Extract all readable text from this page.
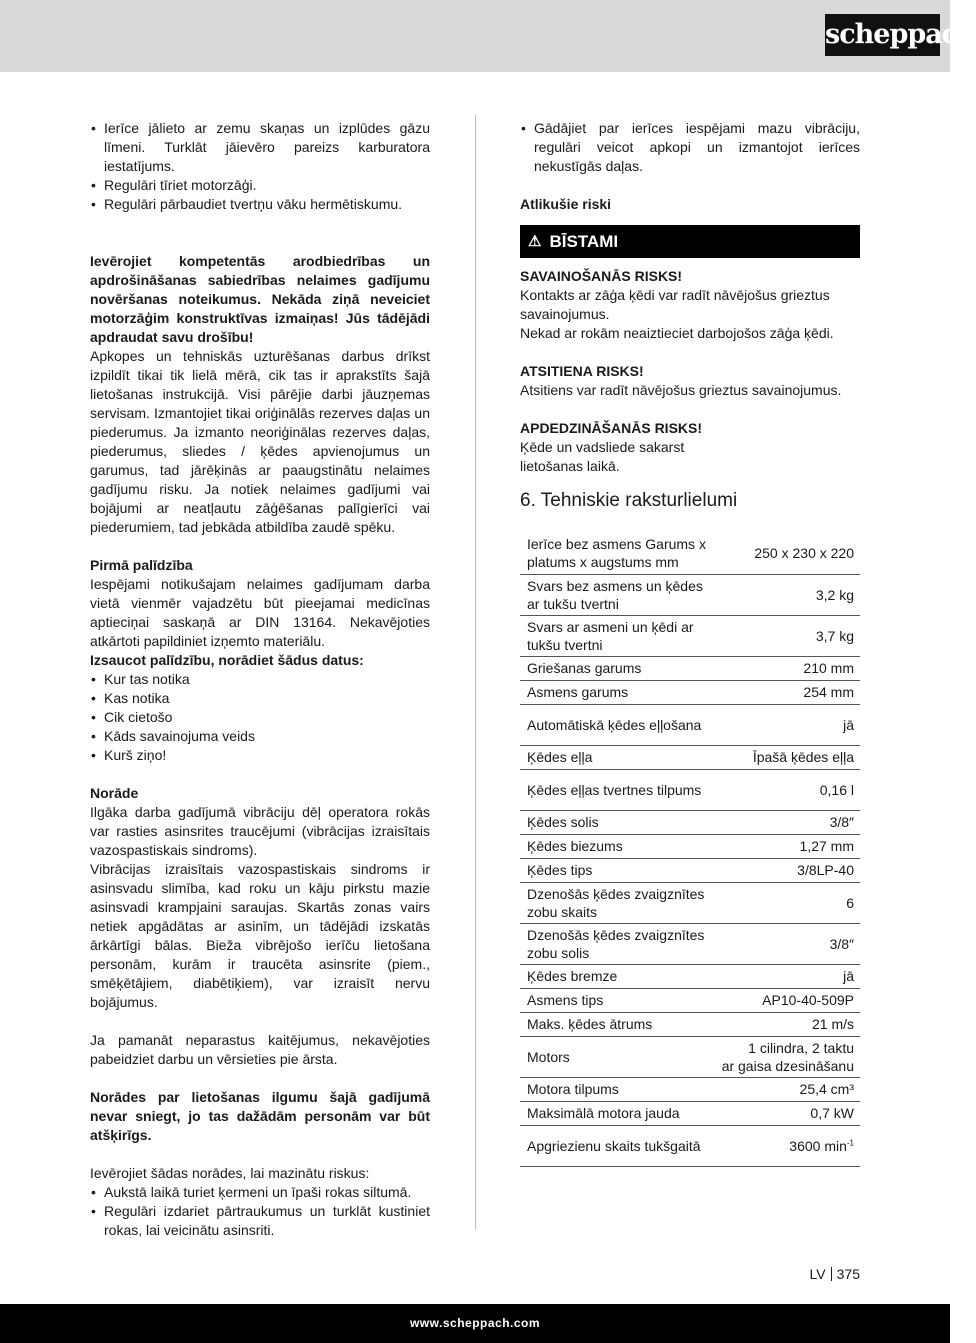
scheppach
• Ierīce jālieto ar zemu skaņas un izplūdes gāzu līmeni. Turklāt jāievēro pareizs karburatora iestatījums.
• Regulāri tīriet motorzāģi.
• Regulāri pārbaudiet tvertņu vāku hermētiskumu.

Ievērojiet kompetentās arodbiedrības un apdrošināšanas sabiedrības nelaimes gadījumu novēršanas noteikumus. Nekāda ziņā neveiciet motorzāģim konstruktīvas izmaiņas! Jūs tādējādi apdraudat savu drošību!

Apkopes un tehniskās uzturēšanas darbus drīkst izpildīt tikai tik lielā mērā, cik tas ir aprakstīts šajā lietošanas instrukcijā. Visi pārējie darbi jāuzņemas servisam. Izmantojiet tikai oriģinālās rezerves daļas un piederumus. Ja izmanto neoriģinālas rezerves daļas, piederumus, sliedes / ķēdes apvienojumus un garumus, tad jārēķinās ar paaugstinātu nelaimes gadījumu risku. Ja notiek nelaimes gadījumi vai bojājumi ar neatļautu zāģēšanas palīgierīci vai piederumiem, tad jebkāda atbildība zaudē spēku.

Pirmā palīdzība

Iespējami notikušajam nelaimes gadījumam darba vietā vienmēr vajadzētu būt pieejamai medicīnas aptieciņai saskaņā ar DIN 13164. Nekavējoties atkārtoti papildiniet izņemto materiālu.

Izsaucot palīdzību, norādiet šādus datus:

• Kur tas notika
• Kas notika
• Cik cietošo
• Kāds savainojuma veids
• Kurš ziņo!

Norāde

Ilgāka darba gadījumā vibrāciju dēļ operatora rokās var rasties asinsrites traucējumi (vibrācijas izraisītais vazospastiskais sindroms).

Vibrācijas izraisītais vazospastiskais sindroms ir asinsvadu slimība, kad roku un kāju pirkstu mazie asinsvadi krampjaini saraujas. Skartās zonas vairs netiek apgādātas ar asinīm, un tādējādi izskatās ārkārtīgi bālas. Bieža vibrējošo ierīču lietošana personām, kurām ir traucēta asinsrite (piem., smēķētājiem, diabētiķiem), var izraisīt nervu bojājumus.

Ja pamanāt neparastus kaitējumus, nekavējoties pabeidziet darbu un vērsieties pie ārsta.

Norādes par lietošanas ilgumu šajā gadījumā nevar sniegt, jo tas dažādām personām var būt atšķirīgs.

Ievērojiet šādas norādes, lai mazinātu riskus:

• Aukstā laikā turiet ķermeni un īpaši rokas siltumā.
• Regulāri izdariet pārtraukumus un turklāt kustiniet rokas, lai veicinātu asinsriti.
• Gādājiet par ierīces iespējami mazu vibrāciju, regulāri veicot apkopi un izmantojot ierīces nekustīgās daļas.

Atlikušie riski

⚠ BĪSTAMI

SAVAINOŠANĀS RISKS!

Kontakts ar zāģa ķēdi var radīt nāvējošus grieztus savainojumus.

Nekad ar rokām neaiztieciet darbojošos zāģa ķēdi.

ATSITIENA RISKS!

Atsitiens var radīt nāvējošus grieztus savainojumus.

APDEDZINĀŠANĀS RISKS!

Ķēde un vadsliede sakarst

lietošanas laikā.

6. Tehniskie raksturlielumi
Ierīce bez asmens Garums x platums x augstums mm	250 x 230 x 220
Svars bez asmens un ķēdes ar tukšu tvertni	3,2 kg
Svars ar asmeni un ķēdi ar tukšu tvertni	3,7 kg
Griešanas garums	210 mm
Asmens garums	254 mm
Automātiskā ķēdes eļļošana	jā
Ķēdes eļļa	Īpašā ķēdes eļļa
Ķēdes eļļas tvertnes tilpums	0,16 l
Ķēdes solis	3/8″
Ķēdes biezums	1,27 mm
Ķēdes tips	3/8LP-40
Dzenošās ķēdes zvaigznītes zobu skaits	6
Dzenošās ķēdes zvaigznītes zobu solis	3/8″
Ķēdes bremze	jā
Asmens tips	AP10-40-509P
Maks. ķēdes ātrums	21 m/s
Motors	1 cilindra, 2 taktu
ar gaisa dzesināšanu

Motora tilpums	25,4 cm³
Maksimālā motora jauda	0,7 kW
Apgriezienu skaits tukšgaitā	3600 $\min^{-1}$
LV 375
www.scheppach.com
